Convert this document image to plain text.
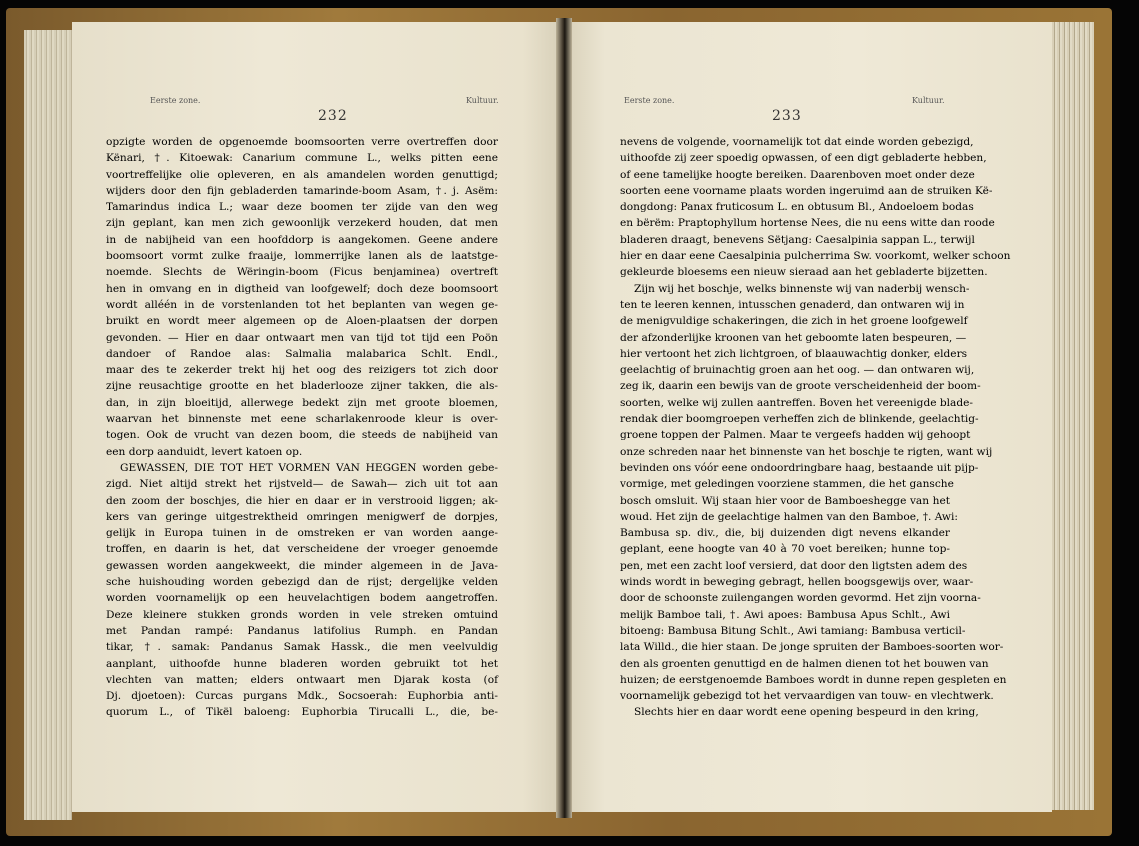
Eerste zone.
232
Kultuur.	Eerste zone.
233
Kultuur.
opzigte worden de opgenoemde boomsoorten verre overtreffen door
Kënari, †. Kitoewak: Canarium commune L., welks pitten eene
voortreffelijke olie opleveren, en als amandelen worden genuttigd;
wijders door den fijn gebladerden tamarinde-boom Asam, †. j. Asëm:
Tamarindus indica L.; waar deze boomen ter zijde van den weg
zijn geplant, kan men zich gewoonlijk verzekerd houden, dat men
in de nabijheid van een hoofddorp is aangekomen. Geene andere
boomsoort vormt zulke fraaije, lommerrijke lanen als de laatstge-
noemde. Slechts de Wëringin-boom (Ficus benjaminea) overtreft
hen in omvang en in digtheid van loofgewelf; doch deze boomsoort
wordt alléén in de vorstenlanden tot het beplanten van wegen ge-
bruikt en wordt meer algemeen op de Aloen-plaatsen der dorpen
gevonden. — Hier en daar ontwaart men van tijd tot tijd een Poön
dandoer of Randoe alas: Salmalia malabarica Schlt. Endl.,
maar des te zekerder trekt hij het oog des reizigers tot zich door
zijne reusachtige grootte en het bladerlooze zijner takken, die als-
dan, in zijn bloeitijd, allerwege bedekt zijn met groote bloemen,
waarvan het binnenste met eene scharlakenroode kleur is over-
togen. Ook de vrucht van dezen boom, die steeds de nabijheid van
een dorp aanduidt, levert katoen op.
GEWASSEN, DIE TOT HET VORMEN VAN HEGGEN worden gebe-
zigd. Niet altijd strekt het rijstveld— de Sawah— zich uit tot aan
den zoom der boschjes, die hier en daar er in verstrooid liggen; ak-
kers van geringe uitgestrektheid omringen menigwerf de dorpjes,
gelijk in Europa tuinen in de omstreken er van worden aange-
troffen, en daarin is het, dat verscheidene der vroeger genoemde
gewassen worden aangekweekt, die minder algemeen in de Java-
sche huishouding worden gebezigd dan de rijst; dergelijke velden
worden voornamelijk op een heuvelachtigen bodem aangetroffen.
Deze kleinere stukken gronds worden in vele streken omtuind
met Pandan rampé: Pandanus latifolius Rumph. en Pandan
tikar, †. samak: Pandanus Samak Hassk., die men veelvuldig
aanplant, uithoofde hunne bladeren worden gebruikt tot het
vlechten van matten; elders ontwaart men Djarak kosta (of
Dj. djoetoen): Curcas purgans Mdk., Socsoerah: Euphorbia anti-
quorum L., of Tikël baloeng: Euphorbia Tirucalli L., die, be-
nevens de volgende, voornamelijk tot dat einde worden gebezigd,
uithoofde zij zeer spoedig opwassen, of een digt gebladerte hebben,
of eene tamelijke hoogte bereiken. Daarenboven moet onder deze
soorten eene voorname plaats worden ingeruimd aan de struiken Kë-
dongdong: Panax fruticosum L. en obtusum Bl., Andoeloem bodas
en bërëm: Praptophyllum hortense Nees, die nu eens witte dan roode
bladeren draagt, benevens Sëtjang: Caesalpinia sappan L., terwijl
hier en daar eene Caesalpinia pulcherrima Sw. voorkomt, welker schoon
gekleurde bloesems een nieuw sieraad aan het gebladerte bijzetten.
Zijn wij het boschje, welks binnenste wij van naderbij wensch-
ten te leeren kennen, intusschen genaderd, dan ontwaren wij in
de menigvuldige schakeringen, die zich in het groene loofgewelf
der afzonderlijke kroonen van het geboomte laten bespeuren, —
hier vertoont het zich lichtgroen, of blaauwachtig donker, elders
geelachtig of bruinachtig groen aan het oog. — dan ontwaren wij,
zeg ik, daarin een bewijs van de groote verscheidenheid der boom-
soorten, welke wij zullen aantreffen. Boven het vereenigde blade-
rendak dier boomgroepen verheffen zich de blinkende, geelachtig-
groene toppen der Palmen. Maar te vergeefs hadden wij gehoopt
onze schreden naar het binnenste van het boschje te rigten, want wij
bevinden ons vóór eene ondoordringbare haag, bestaande uit pijp-
vormige, met geledingen voorziene stammen, die het gansche
bosch omsluit. Wij staan hier voor de Bamboeshegge van het
woud. Het zijn de geelachtige halmen van den Bamboe, †. Awi:
Bambusa sp. div., die, bij duizenden digt nevens elkander
geplant, eene hoogte van 40 à 70 voet bereiken; hunne top-
pen, met een zacht loof versierd, dat door den ligtsten adem des
winds wordt in beweging gebragt, hellen boogsgewijs over, waar-
door de schoonste zuilengangen worden gevormd. Het zijn voorna-
melijk Bamboe tali, †. Awi apoes: Bambusa Apus Schlt., Awi
bitoeng: Bambusa Bitung Schlt., Awi tamiang: Bambusa verticil-
lata Willd., die hier staan. De jonge spruiten der Bamboes-soorten wor-
den als groenten genuttigd en de halmen dienen tot het bouwen van
huizen; de eerstgenoemde Bamboes wordt in dunne repen gespleten en
voornamelijk gebezigd tot het vervaardigen van touw- en vlechtwerk.
Slechts hier en daar wordt eene opening bespeurd in den kring,
